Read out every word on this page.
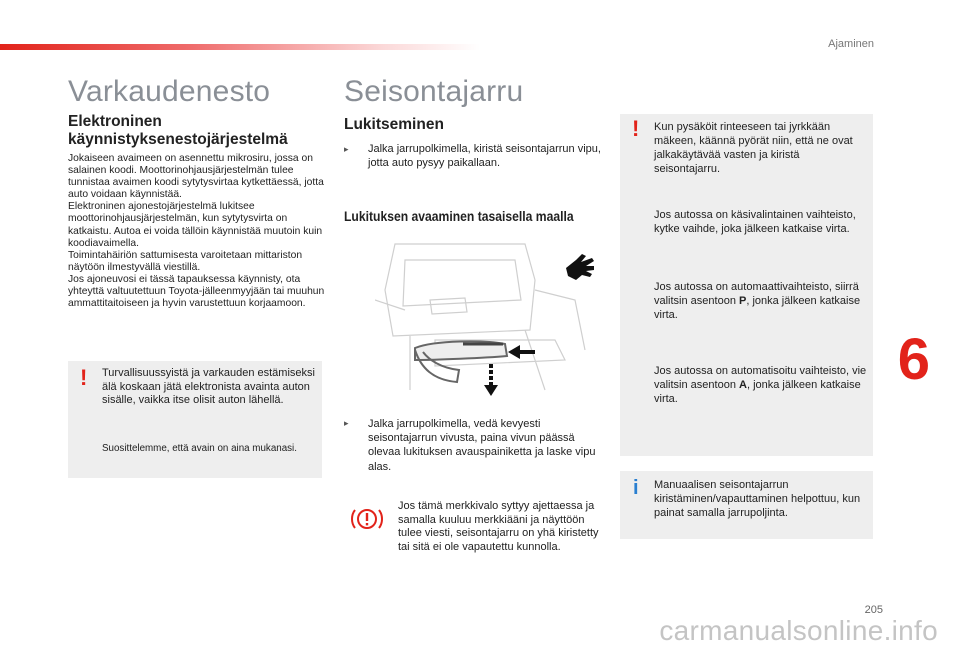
Ajaminen
Varkaudenesto
Elektroninen käynnistyksenestojärjestelmä
Jokaiseen avaimeen on asennettu mikrosiru, jossa on salainen koodi. Moottorinohjausjärjestelmän tulee tunnistaa avaimen koodi sytytysvirtaa kytkettäessä, jotta auto voidaan käynnistää.
Elektroninen ajonestojärjestelmä lukitsee moottorinohjausjärjestelmän, kun sytytysvirta on katkaistu. Autoa ei voida tällöin käynnistää muutoin kuin koodiavaimella.
Toimintahäiriön sattumisesta varoitetaan mittariston näytöön ilmestyvällä viestillä.
Jos ajoneuvosi ei tässä tapauksessa käynnisty, ota yhteyttä valtuutettuun Toyota-jälleenmyyjään tai muuhun ammattitaitoiseen ja hyvin varustettuun korjaamoon.
! Turvallisuussyistä ja varkauden estämiseksi älä koskaan jätä elektronista avainta auton sisälle, vaikka itse olisit auton lähellä.
Suosittelemme, että avain on aina mukanasi.
Seisontajarru
Lukitseminen
▸ Jalka jarrupolkimella, kiristä seisontajarrun vipu, jotta auto pysyy paikallaan.
Lukituksen avaaminen tasaisella maalla
▸ Jalka jarrupolkimella, vedä kevyesti seisontajarrun vivusta, paina vivun päässä olevaa lukituksen avauspainiketta ja laske vipu alas.
Jos tämä merkkivalo syttyy ajettaessa ja samalla kuuluu merkkiääni ja näyttöön tulee viesti, seisontajarru on yhä kiristetty tai sitä ei ole vapautettu kunnolla.
! Kun pysäköit rinteeseen tai jyrkkään mäkeen, käännä pyörät niin, että ne ovat jalkakäytävää vasten ja kiristä seisontajarru.
Jos autossa on käsivalintainen vaihteisto, kytke vaihde, joka jälkeen katkaise virta.
Jos autossa on automaattivaihteisto, siirrä valitsin asentoon P, jonka jälkeen katkaise virta.
Jos autossa on automatisoitu vaihteisto, vie valitsin asentoon A, jonka jälkeen katkaise virta.
i Manuaalisen seisontajarrun kiristäminen/vapauttaminen helpottuu, kun painat samalla jarrupoljinta.
6
205
carmanualsonline.info
